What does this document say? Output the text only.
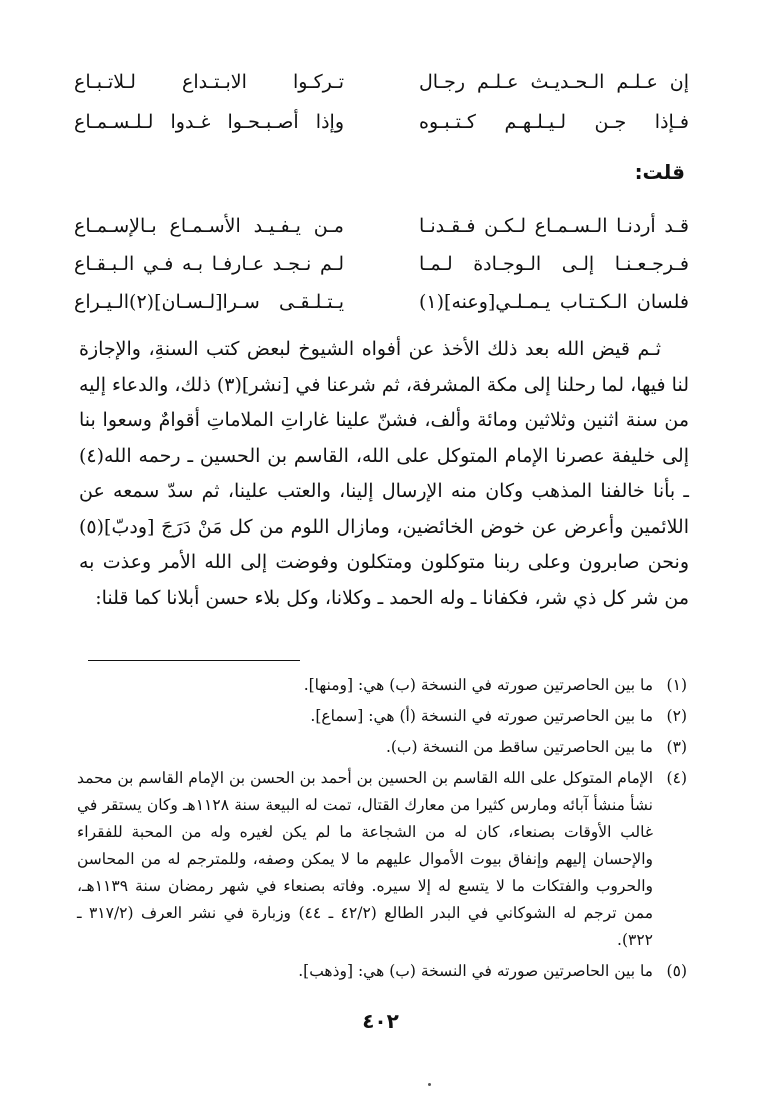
إن عـلـم الـحـديـث عـلـم رجـال
تـركـوا الابـتـداع لـلاتـبـاع
فـإذا جـن لـيـلـهـم كـتـبـوه
وإذا أصـبـحـوا غـدوا لـلـسـمـاع
قلت:
قـد أردنـا الـسـمـاع لـكـن فـقـدنـا
مـن يـفـيـد الأسـمـاع بـالإسـمـاع
فـرجـعـنـا إلـى الـوجـادة لـمـا
لـم نـجـد عـارفـا بـه فـي الـبـقـاع
فلسان الـكـتـاب يـمـلـي[وعنه](١)
يـتـلـقـى سـرا[لـسـان](٢)الـيـراع

ثـم قيض الله بعد ذلك الأخذ عن أفواه الشيوخ لبعض كتب السنةِ، والإجازة لنا فيها، لما رحلنا إلى مكة المشرفة، ثم شرعنا في [نشر](٣) ذلك، والدعاء إليه من سنة اثنين وثلاثين ومائة وألف، فشنّ علينا غاراتِ الملاماتِ أقوامٌ وسعوا بنا إلى خليفة عصرنا الإمام المتوكل على الله، القاسم بن الحسين ـ رحمه الله(٤) ـ بأنا خالفنا المذهب وكان منه الإرسال إلينا، والعتب علينا، ثم سدّ سمعه عن اللائمين وأعرض عن خوض الخائضين، ومازال اللوم من كل مَنْ دَرَجَ [ودبّ](٥) ونحن صابرون وعلى ربنا متوكلون ومتكلون وفوضت إلى الله الأمر وعذت به من شر كل ذي شر، فكفانا ـ وله الحمد ـ وكلانا، وكل بلاء حسن أبلانا كما قلنا:

(١)
ما بين الحاصرتين صورته في النسخة (ب) هي: [ومنها].
(٢)
ما بين الحاصرتين صورته في النسخة (أ) هي: [سماع].
(٣)
ما بين الحاصرتين ساقط من النسخة (ب).
(٤)
الإمام المتوكل على الله القاسم بن الحسين بن أحمد بن الحسن بن الإمام القاسم بن محمد نشأ منشأ آبائه ومارس كثيرا من معارك القتال، تمت له البيعة سنة ١١٢٨هـ وكان يستقر في غالب الأوقات بصنعاء، كان له من الشجاعة ما لم يكن لغيره وله من المحبة للفقراء والإحسان إليهم وإنفاق بيوت الأموال عليهم ما لا يمكن وصفه، وللمترجم له من المحاسن والحروب والفتكات ما لا يتسع له إلا سيره. وفاته بصنعاء في شهر رمضان سنة ١١٣٩هـ، ممن ترجم له الشوكاني في البدر الطالع (٤٢/٢ ـ ٤٤) وزبارة في نشر العرف (٣١٧/٢ ـ ٣٢٢).
(٥)
ما بين الحاصرتين صورته في النسخة (ب) هي: [وذهب].
٤٠٢
